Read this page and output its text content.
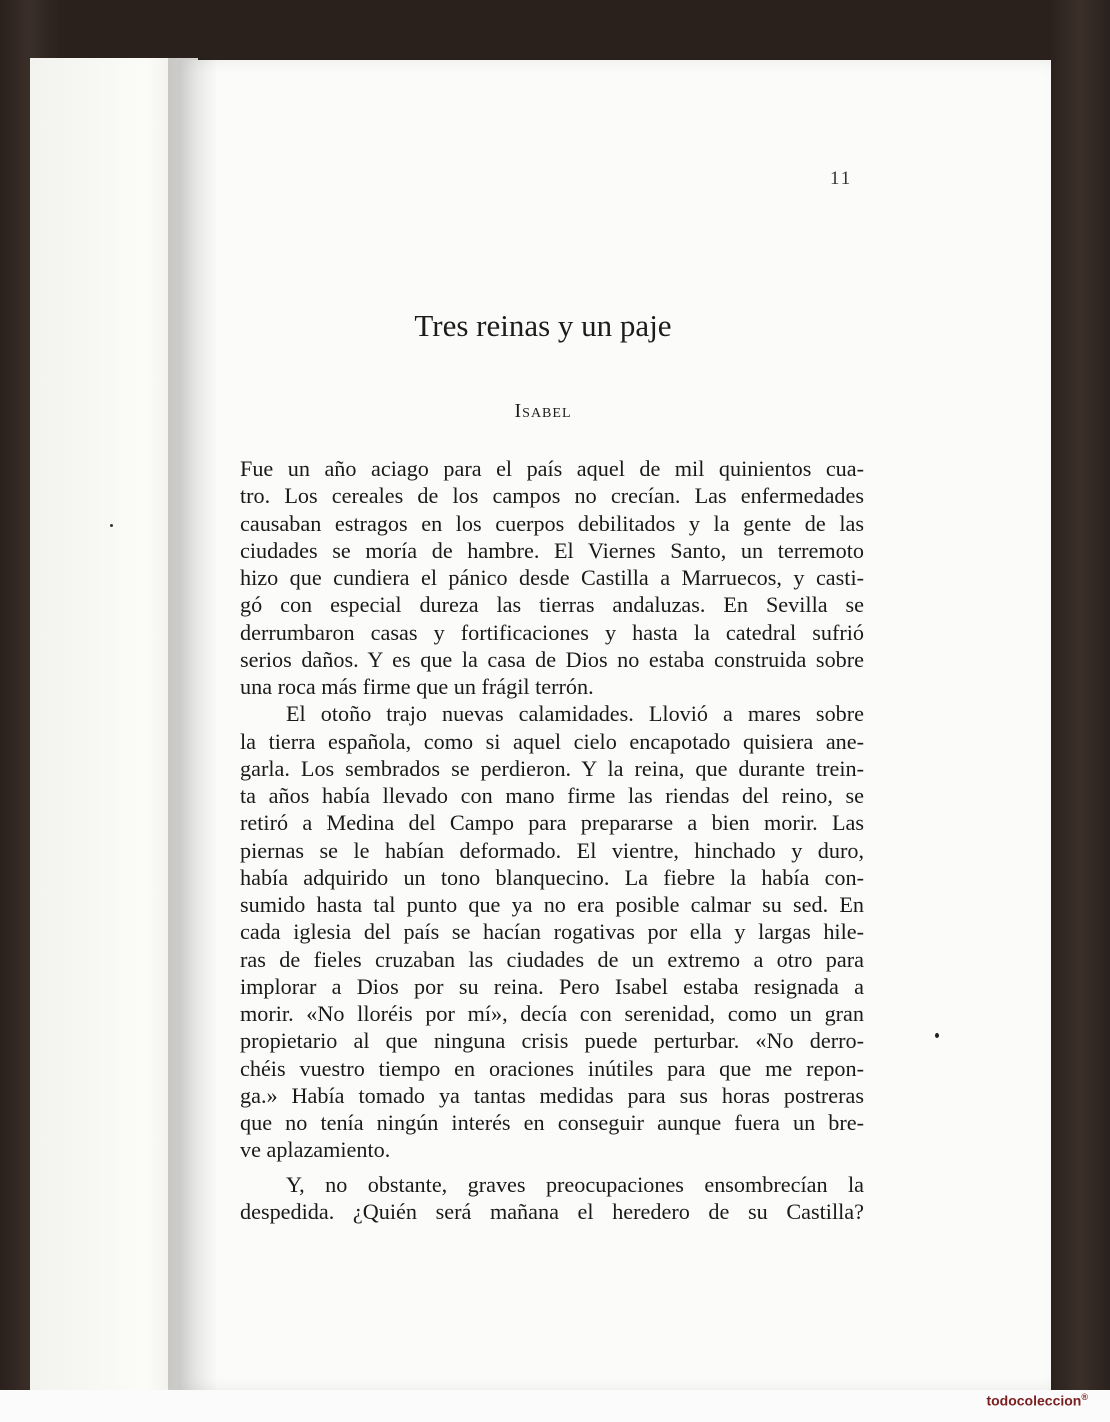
11
Tres reinas y un paje
Isabel
Fue un año aciago para el país aquel de mil quinientos cua-
tro. Los cereales de los campos no crecían. Las enfermedades
causaban estragos en los cuerpos debilitados y la gente de las
ciudades se moría de hambre. El Viernes Santo, un terremoto
hizo que cundiera el pánico desde Castilla a Marruecos, y casti-
gó con especial dureza las tierras andaluzas. En Sevilla se
derrumbaron casas y fortificaciones y hasta la catedral sufrió
serios daños. Y es que la casa de Dios no estaba construida sobre
una roca más firme que un frágil terrón.
El otoño trajo nuevas calamidades. Llovió a mares sobre
la tierra española, como si aquel cielo encapotado quisiera ane-
garla. Los sembrados se perdieron. Y la reina, que durante trein-
ta años había llevado con mano firme las riendas del reino, se
retiró a Medina del Campo para prepararse a bien morir. Las
piernas se le habían deformado. El vientre, hinchado y duro,
había adquirido un tono blanquecino. La fiebre la había con-
sumido hasta tal punto que ya no era posible calmar su sed. En
cada iglesia del país se hacían rogativas por ella y largas hile-
ras de fieles cruzaban las ciudades de un extremo a otro para
implorar a Dios por su reina. Pero Isabel estaba resignada a
morir. «No lloréis por mí», decía con serenidad, como un gran
propietario al que ninguna crisis puede perturbar. «No derro-
chéis vuestro tiempo en oraciones inútiles para que me repon-
ga.» Había tomado ya tantas medidas para sus horas postreras
que no tenía ningún interés en conseguir aunque fuera un bre-
ve aplazamiento.
Y, no obstante, graves preocupaciones ensombrecían la
despedida. ¿Quién será mañana el heredero de su Castilla?
todocoleccion®
